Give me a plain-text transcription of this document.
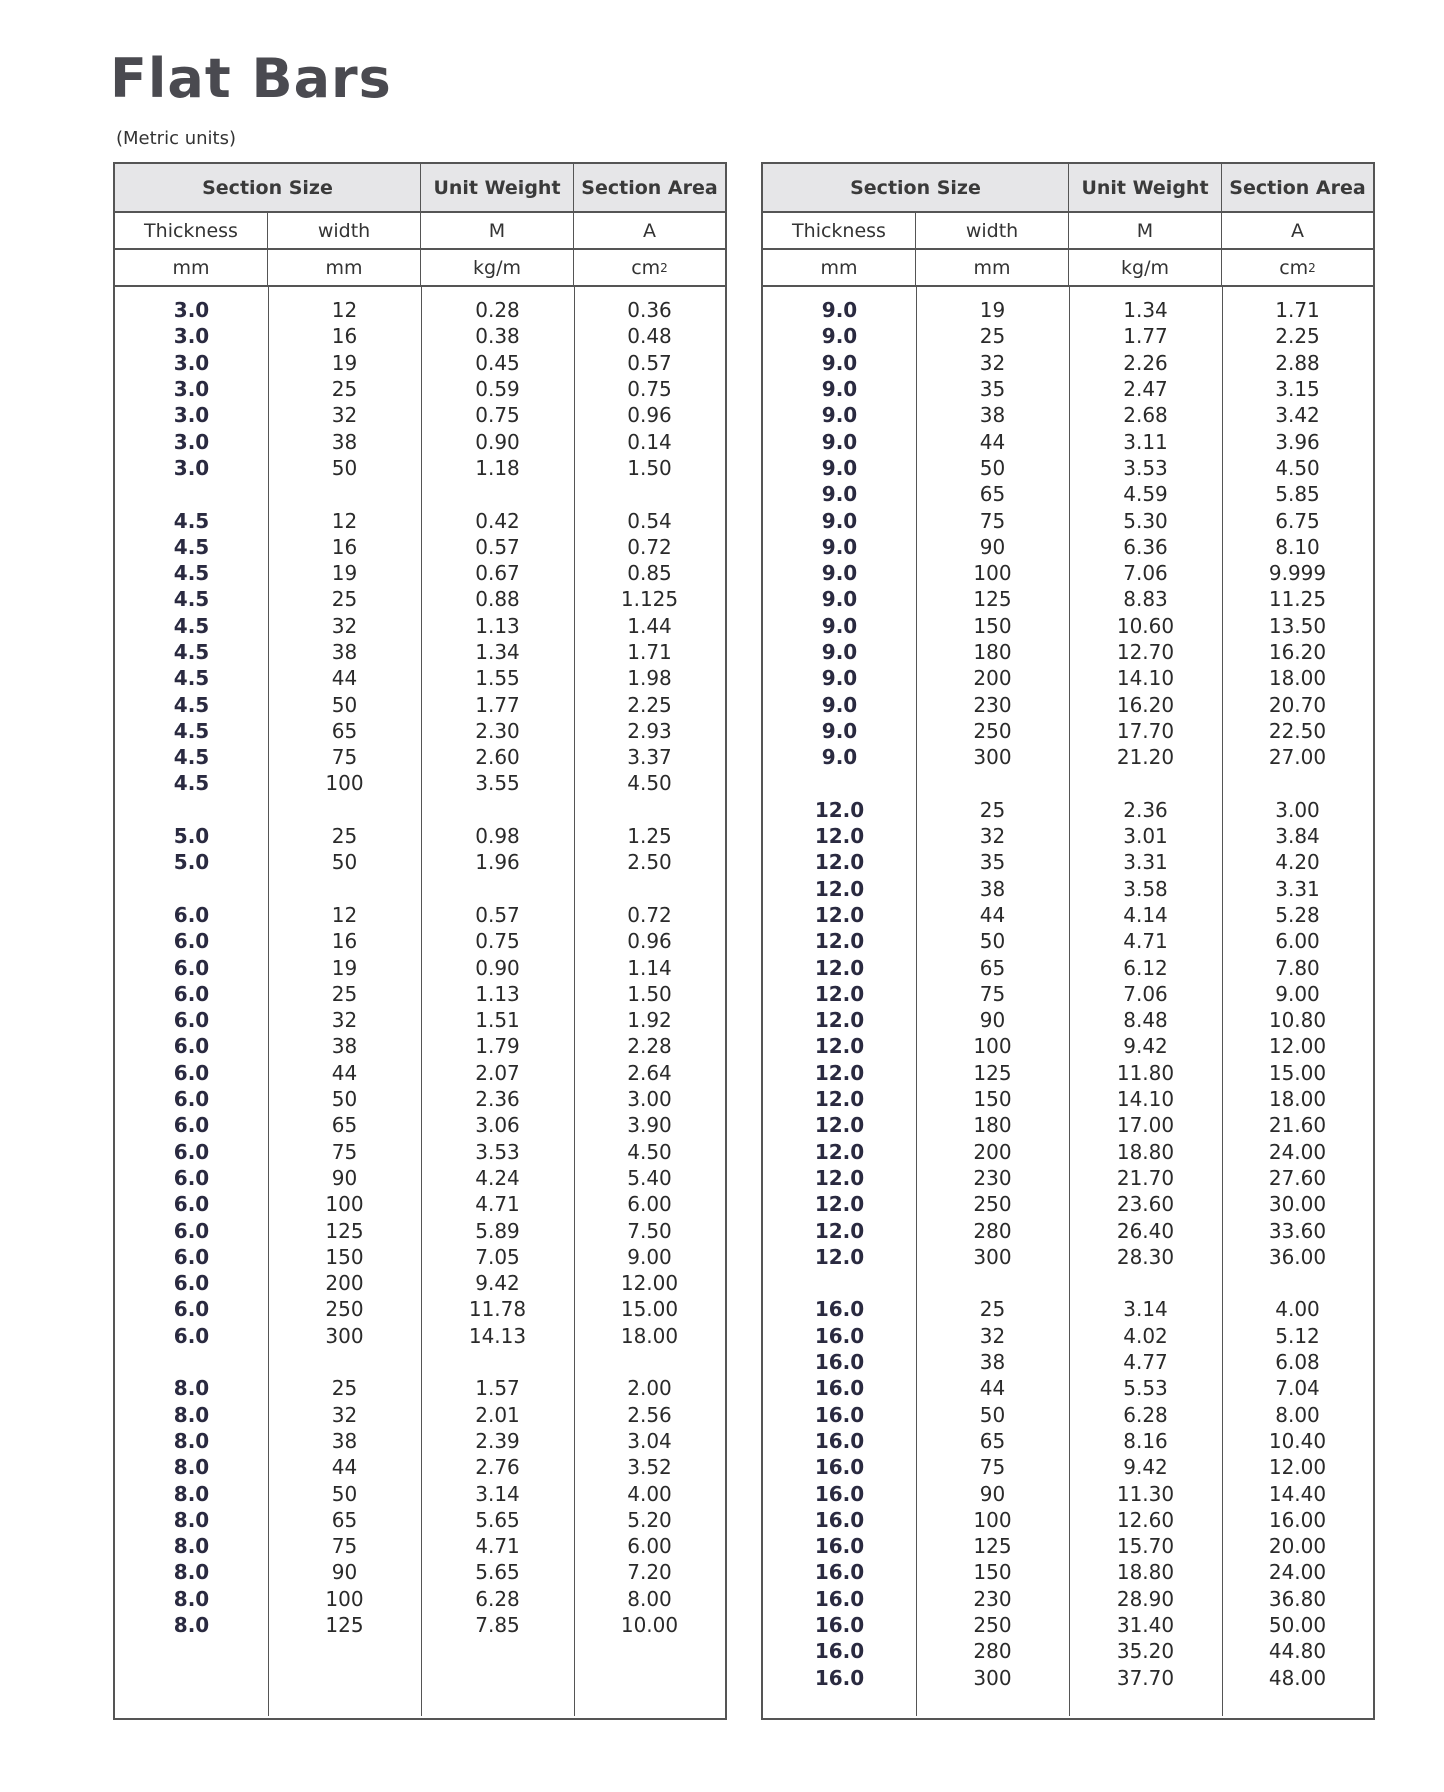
Flat Bars
(Metric units)
Section Size	Unit Weight	Section Area
Thickness	width	M	A
mm	mm	kg/m	cm 2
3.0	12	0.28	0.36
3.0	16	0.38	0.48
3.0	19	0.45	0.57
3.0	25	0.59	0.75
3.0	32	0.75	0.96
3.0	38	0.90	0.14
3.0	50	1.18	1.50
4.5	12	0.42	0.54
4.5	16	0.57	0.72
4.5	19	0.67	0.85
4.5	25	0.88	1.125
4.5	32	1.13	1.44
4.5	38	1.34	1.71
4.5	44	1.55	1.98
4.5	50	1.77	2.25
4.5	65	2.30	2.93
4.5	75	2.60	3.37
4.5	100	3.55	4.50
5.0	25	0.98	1.25
5.0	50	1.96	2.50
6.0	12	0.57	0.72
6.0	16	0.75	0.96
6.0	19	0.90	1.14
6.0	25	1.13	1.50
6.0	32	1.51	1.92
6.0	38	1.79	2.28
6.0	44	2.07	2.64
6.0	50	2.36	3.00
6.0	65	3.06	3.90
6.0	75	3.53	4.50
6.0	90	4.24	5.40
6.0	100	4.71	6.00
6.0	125	5.89	7.50
6.0	150	7.05	9.00
6.0	200	9.42	12.00
6.0	250	11.78	15.00
6.0	300	14.13	18.00
8.0	25	1.57	2.00
8.0	32	2.01	2.56
8.0	38	2.39	3.04
8.0	44	2.76	3.52
8.0	50	3.14	4.00
8.0	65	5.65	5.20
8.0	75	4.71	6.00
8.0	90	5.65	7.20
8.0	100	6.28	8.00
8.0	125	7.85	10.00
Section Size	Unit Weight	Section Area
Thickness	width	M	A
mm	mm	kg/m	cm 2
9.0	19	1.34	1.71
9.0	25	1.77	2.25
9.0	32	2.26	2.88
9.0	35	2.47	3.15
9.0	38	2.68	3.42
9.0	44	3.11	3.96
9.0	50	3.53	4.50
9.0	65	4.59	5.85
9.0	75	5.30	6.75
9.0	90	6.36	8.10
9.0	100	7.06	9.999
9.0	125	8.83	11.25
9.0	150	10.60	13.50
9.0	180	12.70	16.20
9.0	200	14.10	18.00
9.0	230	16.20	20.70
9.0	250	17.70	22.50
9.0	300	21.20	27.00
12.0	25	2.36	3.00
12.0	32	3.01	3.84
12.0	35	3.31	4.20
12.0	38	3.58	3.31
12.0	44	4.14	5.28
12.0	50	4.71	6.00
12.0	65	6.12	7.80
12.0	75	7.06	9.00
12.0	90	8.48	10.80
12.0	100	9.42	12.00
12.0	125	11.80	15.00
12.0	150	14.10	18.00
12.0	180	17.00	21.60
12.0	200	18.80	24.00
12.0	230	21.70	27.60
12.0	250	23.60	30.00
12.0	280	26.40	33.60
12.0	300	28.30	36.00
16.0	25	3.14	4.00
16.0	32	4.02	5.12
16.0	38	4.77	6.08
16.0	44	5.53	7.04
16.0	50	6.28	8.00
16.0	65	8.16	10.40
16.0	75	9.42	12.00
16.0	90	11.30	14.40
16.0	100	12.60	16.00
16.0	125	15.70	20.00
16.0	150	18.80	24.00
16.0	230	28.90	36.80
16.0	250	31.40	50.00
16.0	280	35.20	44.80
16.0	300	37.70	48.00
